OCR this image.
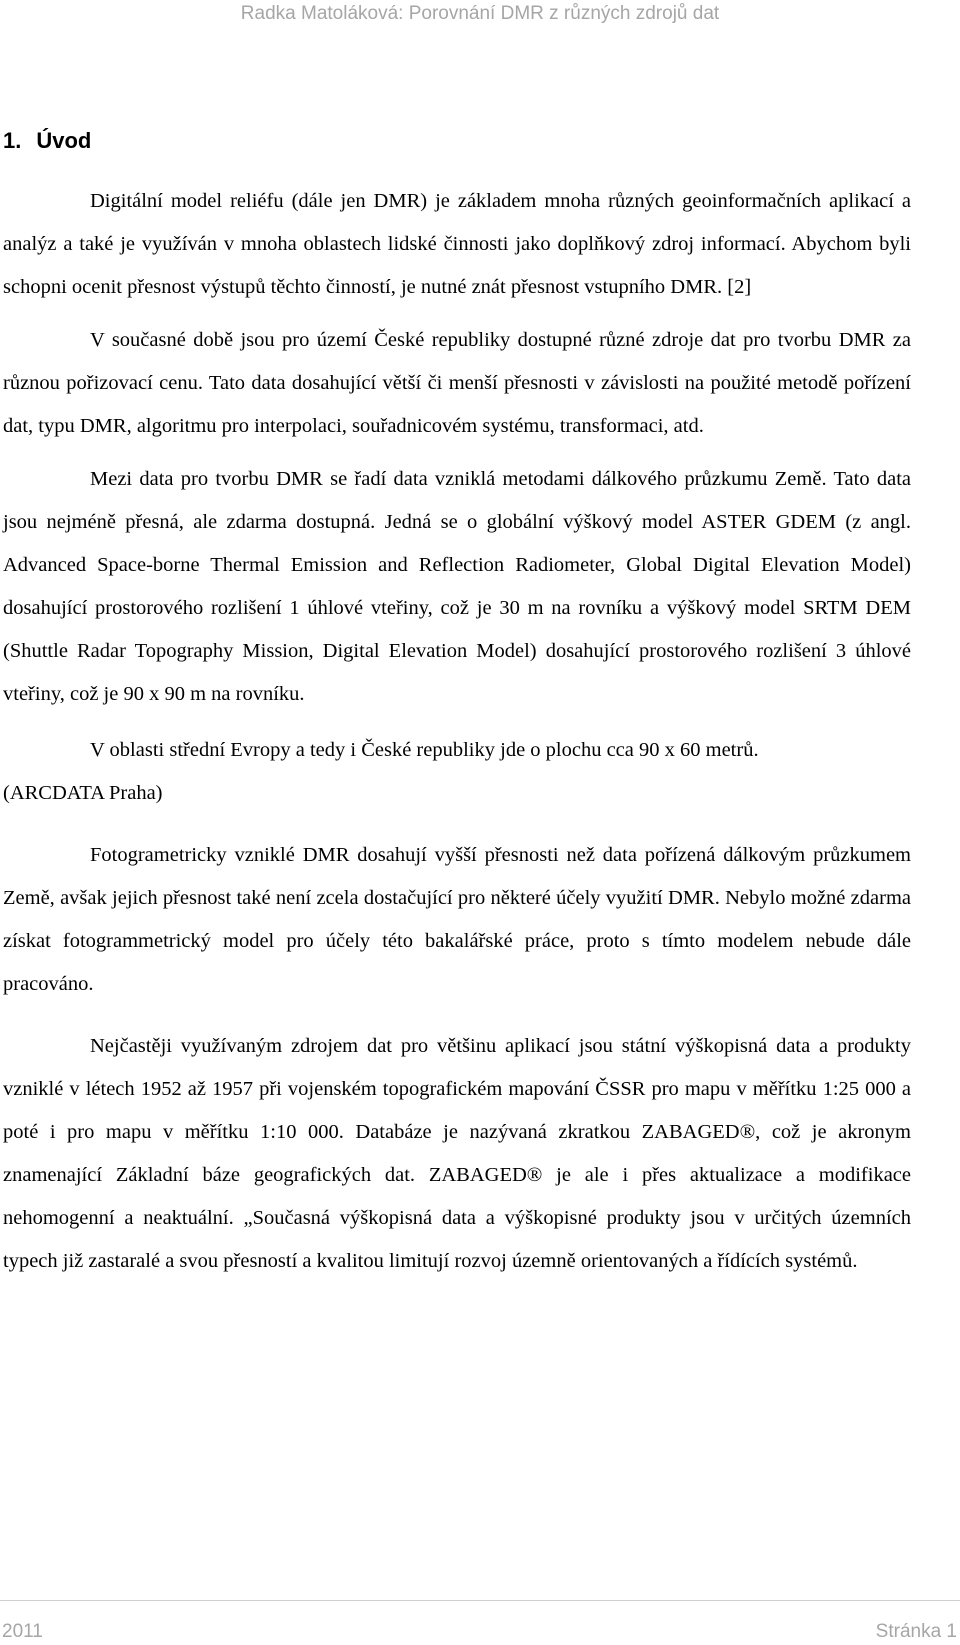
Radka Matoláková: Porovnání DMR z různých zdrojů dat
1. Úvod

Digitální model reliéfu (dále jen DMR) je základem mnoha různých geoinformačních aplikací a analýz a také je využíván v mnoha oblastech lidské činnosti jako doplňkový zdroj informací. Abychom byli schopni ocenit přesnost výstupů těchto činností, je nutné znát přesnost vstupního DMR. [2]

V současné době jsou pro území České republiky dostupné různé zdroje dat pro tvorbu DMR za různou pořizovací cenu. Tato data dosahující větší či menší přesnosti v závislosti na použité metodě pořízení dat, typu DMR, algoritmu pro interpolaci, souřadnicovém systému, transformaci, atd.

Mezi data pro tvorbu DMR se řadí data vzniklá metodami dálkového průzkumu Země. Tato data jsou nejméně přesná, ale zdarma dostupná. Jedná se o globální výškový model ASTER GDEM (z angl. Advanced Space-borne Thermal Emission and Reflection Radiometer, Global Digital Elevation Model) dosahující prostorového rozlišení 1 úhlové vteřiny, což je 30 m na rovníku a výškový model SRTM DEM (Shuttle Radar Topography Mission, Digital Elevation Model) dosahující prostorového rozlišení 3 úhlové vteřiny, což je 90 x 90 m na rovníku.

V oblasti střední Evropy a tedy i České republiky jde o plochu cca 90 x 60 metrů.

(ARCDATA Praha)

Fotogrametricky vzniklé DMR dosahují vyšší přesnosti než data pořízená dálkovým průzkumem Země, avšak jejich přesnost také není zcela dostačující pro některé účely využití DMR. Nebylo možné zdarma získat fotogrammetrický model pro účely této bakalářské práce, proto s tímto modelem nebude dále pracováno.

Nejčastěji využívaným zdrojem dat pro většinu aplikací jsou státní výškopisná data a produkty vzniklé v létech 1952 až 1957 při vojenském topografickém mapování ČSSR pro mapu v měřítku 1:25 000 a poté i pro mapu v měřítku 1:10 000. Databáze je nazývaná zkratkou ZABAGED®, což je akronym znamenající Základní báze geografických dat. ZABAGED® je ale i přes aktualizace a modifikace nehomogenní a neaktuální. „Současná výškopisná data a výškopisné produkty jsou v určitých územních typech již zastaralé a svou přesností a kvalitou limitují rozvoj územně orientovaných a řídících systémů.

2011	Stránka 1
